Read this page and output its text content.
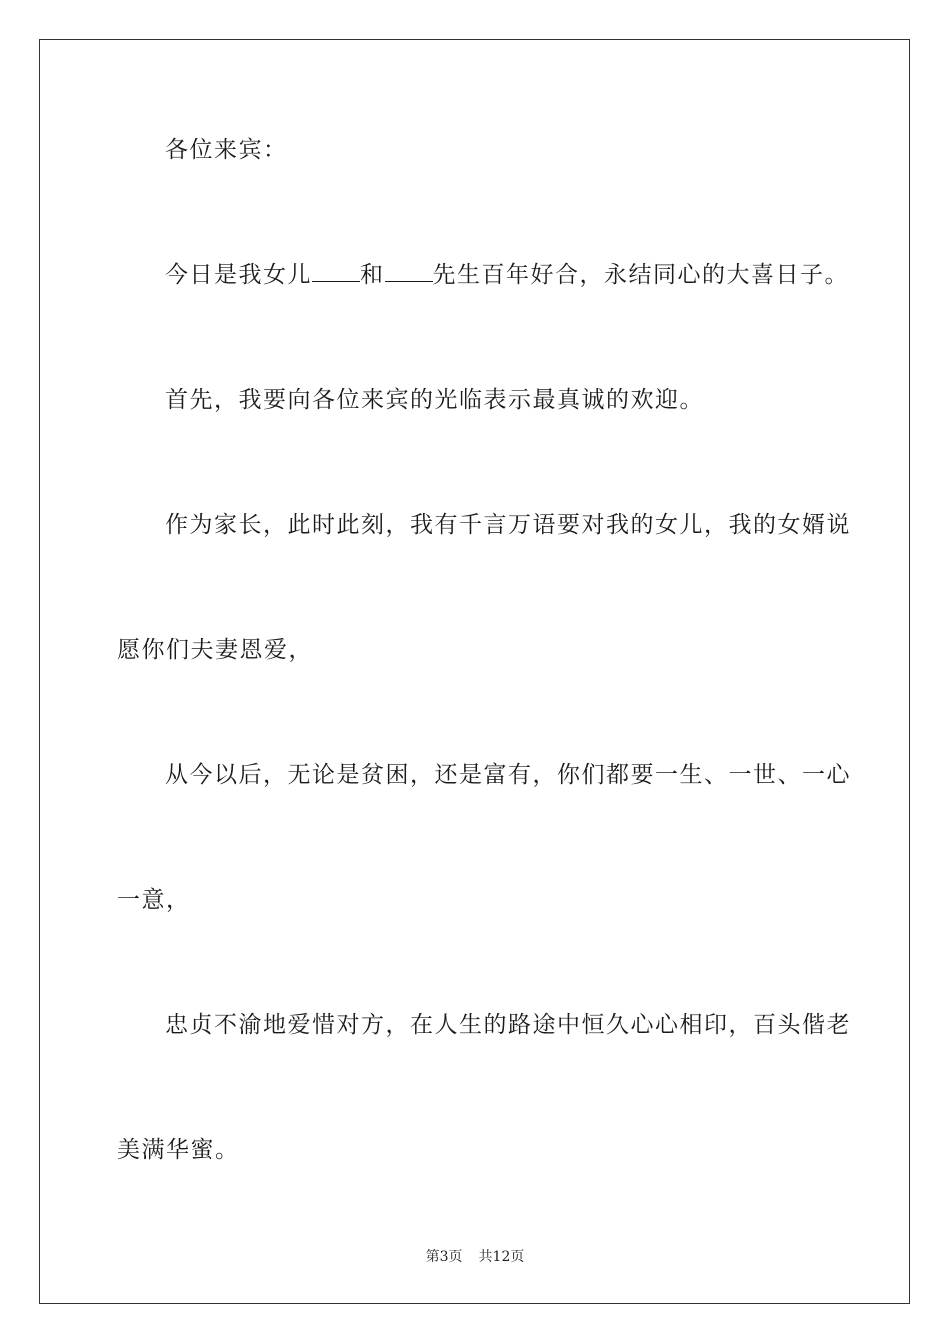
各位来宾：
今日是我女儿 和 先生百年好合，永结同心的大喜日子。
首先，我要向各位来宾的光临表示最真诚的欢迎。
作为家长，此时此刻，我有千言万语要对我的女儿，我的女婿说
愿你们夫妻恩爱，
从今以后，无论是贫困，还是富有，你们都要一生、一世、一心
一意，
忠贞不渝地爱惜对方，在人生的路途中恒久心心相印，百头偕老
美满华蜜。
第3页 共12页
